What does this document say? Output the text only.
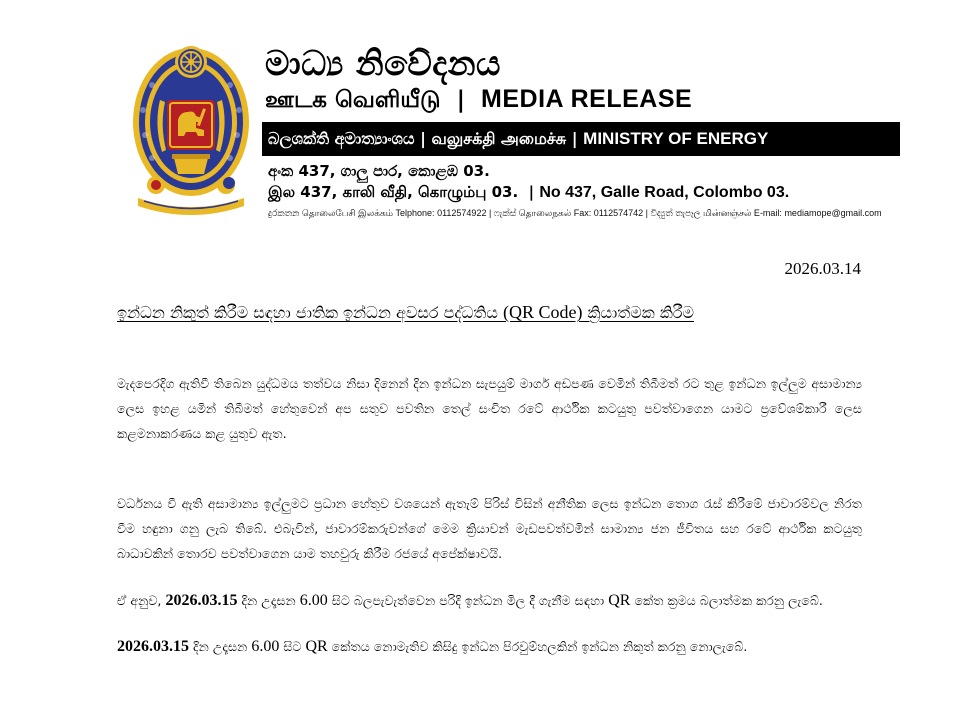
මාධ්‍ය නිවේදනය
ஊடக வெளியீடு | MEDIA RELEASE
බලශක්ති අමාත්‍යාංශය | வலுசக்தி அமைச்சு | MINISTRY OF ENERGY
අංක 437, ගාලු පාර, කොළඹ 03.
இல 437, காலி வீதி, கொழும்பு 03. | No 437, Galle Road, Colombo 03.
දුරකතන தொலைபேசி இலக்கம் Telphone: 0112574922 | ෆැක්ස් தொலைநகல் Fax: 0112574742 | විද්‍යුත් තැපෑල மின்னஞ்சல் E-mail: mediamope@gmail.com
2026.03.14
ඉන්ධන නිකුත් කිරීම සඳහා ජාතික ඉන්ධන අවසර පද්ධතිය (QR Code) ක්‍රියාත්මක කිරීම
මැදපෙරදිග ඇතිවී තිබෙන යුද්ධමය තත්වය නිසා දිනෙන් දින ඉන්ධන සැපයුම් මාර්ග අඩපණ වෙමින් තිබීමත් රට තුළ ඉන්ධන ඉල්ලුම අසාමාන්‍ය ලෙස ඉහළ යමින් තිබීමත් හේතුවෙන් අප සතුව පවතින තෙල් සංචිත රටේ ආර්ථික කටයුතු පවත්වාගෙන යාමට ප්‍රවේශම්කාරී ලෙස කළමනාකරණය කළ යුතුව ඇත.
වර්ධනය වී ඇති අසාමාන්‍ය ඉල්ලුමට ප්‍රධාන හේතුව වශයෙන් ඇතැම් පිරිස් විසින් අනීතික ලෙස ඉන්ධන තොග රැස් කිරීමේ ජාවාරම්වල නිරත වීම හඳුනා ගනු ලැබ තිබේ. එබැවින්, ජාවාරම්කරුවන්ගේ මෙම ක්‍රියාවන් මැඩපවත්වමින් සාමාන්‍ය ජන ජීවිතය සහ රටේ ආර්ථික කටයුතු බාධාවකින් තොරව පවත්වාගෙන යාම තහවුරු කිරීම රජයේ අපේක්ෂාවයි.
ඒ අනුව, 2026.03.15 දින උදෑසන 6.00 සිට බලපැවැත්වෙන පරිදි ඉන්ධන මිල දී ගැනීම සඳහා QR කේත ක්‍රමය බලාත්මක කරනු ලැබේ.
2026.03.15 දින උදෑසන 6.00 සිට QR කේතය නොමැතිව කිසිදු ඉන්ධන පිරවුම්හලකින් ඉන්ධන නිකුත් කරනු නොලැබේ.
